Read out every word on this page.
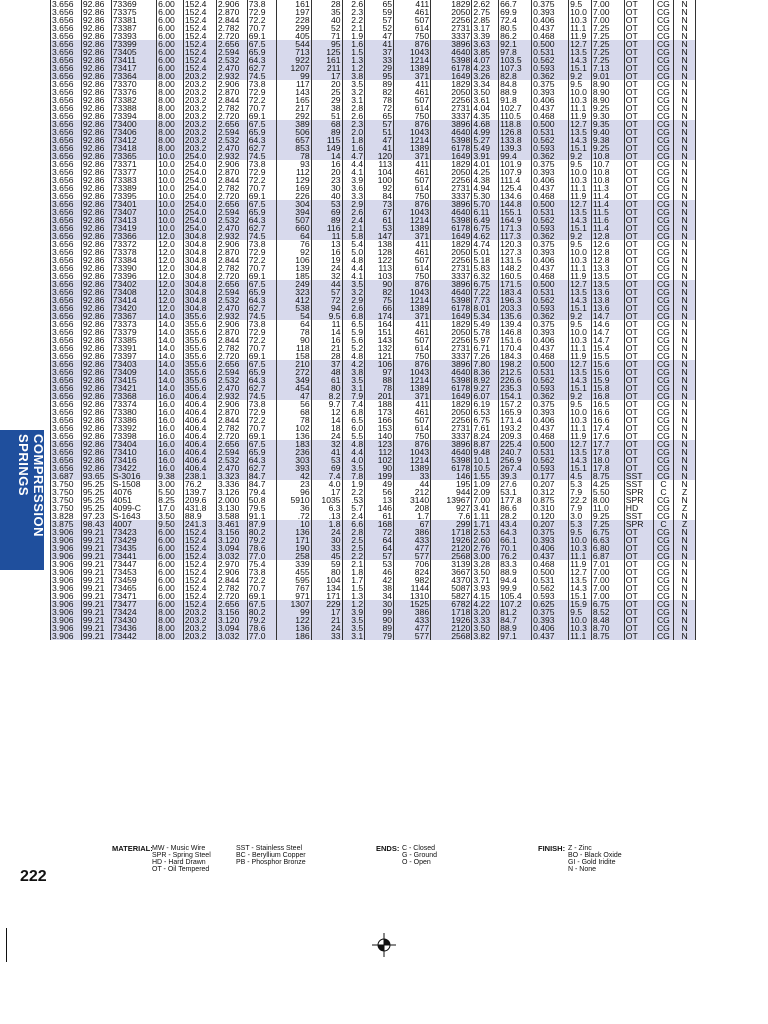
3.656	92.86	73369	6.00	152.4	2.906	73.8	161	28	2.6	65	411	1829	2.62	66.7	0.375	9.5	7.00	OT	CG	N
3.656	92.86	73375	6.00	152.4	2.870	72.9	197	35	2.3	59	461	2050	2.75	69.9	0.393	10.0	7.00	OT	CG	N
3.656	92.86	73381	6.00	152.4	2.844	72.2	228	40	2.2	57	507	2256	2.85	72.4	0.406	10.3	7.00	OT	CG	N
3.656	92.86	73387	6.00	152.4	2.782	70.7	299	52	2.1	52	614	2731	3.17	80.5	0.437	11.1	7.25	OT	CG	N
3.656	92.86	73393	6.00	152.4	2.720	69.1	405	71	1.9	47	750	3337	3.39	86.2	0.468	11.9	7.25	OT	CG	N
3.656	92.86	73399	6.00	152.4	2.656	67.5	544	95	1.6	41	876	3896	3.63	92.1	0.500	12.7	7.25	OT	CG	N
3.656	92.86	73405	6.00	152.4	2.594	65.9	713	125	1.5	37	1043	4640	3.85	97.8	0.531	13.5	7.25	OT	CG	N
3.656	92.86	73411	6.00	152.4	2.532	64.3	922	161	1.3	33	1214	5398	4.07	103.5	0.562	14.3	7.25	OT	CG	N
3.656	92.86	73417	6.00	152.4	2.470	62.7	1207	211	1.2	29	1389	6178	4.23	107.3	0.593	15.1	7.13	OT	CG	N
3.656	92.86	73364	8.00	203.2	2.932	74.5	99	17	3.8	95	371	1649	3.26	82.8	0.362	9.2	9.01	OT	CG	N
3.656	92.86	73370	8.00	203.2	2.906	73.8	117	20	3.5	89	411	1829	3.34	84.8	0.375	9.5	8.90	OT	CG	N
3.656	92.86	73376	8.00	203.2	2.870	72.9	143	25	3.2	82	461	2050	3.50	88.9	0.393	10.0	8.90	OT	CG	N
3.656	92.86	73382	8.00	203.2	2.844	72.2	165	29	3.1	78	507	2256	3.61	91.8	0.406	10.3	8.90	OT	CG	N
3.656	92.86	73388	8.00	203.2	2.782	70.7	217	38	2.8	72	614	2731	4.04	102.7	0.437	11.1	9.25	OT	CG	N
3.656	92.86	73394	8.00	203.2	2.720	69.1	292	51	2.6	65	750	3337	4.35	110.5	0.468	11.9	9.30	OT	CG	N
3.656	92.86	73400	8.00	203.2	2.656	67.5	389	68	2.3	57	876	3896	4.68	118.8	0.500	12.7	9.35	OT	CG	N
3.656	92.86	73406	8.00	203.2	2.594	65.9	506	89	2.0	51	1043	4640	4.99	126.8	0.531	13.5	9.40	OT	CG	N
3.656	92.86	73412	8.00	203.2	2.532	64.3	657	115	1.8	47	1214	5398	5.27	133.8	0.562	14.3	9.38	OT	CG	N
3.656	92.86	73418	8.00	203.2	2.470	62.7	853	149	1.6	41	1389	6178	5.49	139.3	0.593	15.1	9.25	OT	CG	N
3.656	92.86	73365	10.0	254.0	2.932	74.5	78	14	4.7	120	371	1649	3.91	99.4	0.362	9.2	10.8	OT	CG	N
3.656	92.86	73371	10.0	254.0	2.906	73.8	93	16	4.4	113	411	1829	4.01	101.9	0.375	9.5	10.7	OT	CG	N
3.656	92.86	73377	10.0	254.0	2.870	72.9	112	20	4.1	104	461	2050	4.25	107.9	0.393	10.0	10.8	OT	CG	N
3.656	92.86	73383	10.0	254.0	2.844	72.2	129	23	3.9	100	507	2256	4.38	111.4	0.406	10.3	10.8	OT	CG	N
3.656	92.86	73389	10.0	254.0	2.782	70.7	169	30	3.6	92	614	2731	4.94	125.4	0.437	11.1	11.3	OT	CG	N
3.656	92.86	73395	10.0	254.0	2.720	69.1	226	40	3.3	84	750	3337	5.30	134.6	0.468	11.9	11.4	OT	CG	N
3.656	92.86	73401	10.0	254.0	2.656	67.5	304	53	2.9	73	876	3896	5.70	144.8	0.500	12.7	11.4	OT	CG	N
3.656	92.86	73407	10.0	254.0	2.594	65.9	394	69	2.6	67	1043	4640	6.11	155.1	0.531	13.5	11.5	OT	CG	N
3.656	92.86	73413	10.0	254.0	2.532	64.3	507	89	2.4	61	1214	5398	6.49	164.9	0.562	14.3	11.6	OT	CG	N
3.656	92.86	73419	10.0	254.0	2.470	62.7	660	116	2.1	53	1389	6178	6.75	171.3	0.593	15.1	11.4	OT	CG	N
3.656	92.86	73366	12.0	304.8	2.932	74.5	64	11	5.8	147	371	1649	4.62	117.3	0.362	9.2	12.8	OT	CG	N
3.656	92.86	73372	12.0	304.8	2.906	73.8	76	13	5.4	138	411	1829	4.74	120.3	0.375	9.5	12.6	OT	CG	N
3.656	92.86	73378	12.0	304.8	2.870	72.9	92	16	5.0	128	461	2050	5.01	127.3	0.393	10.0	12.8	OT	CG	N
3.656	92.86	73384	12.0	304.8	2.844	72.2	106	19	4.8	122	507	2256	5.18	131.5	0.406	10.3	12.8	OT	CG	N
3.656	92.86	73390	12.0	304.8	2.782	70.7	139	24	4.4	113	614	2731	5.83	148.2	0.437	11.1	13.3	OT	CG	N
3.656	92.86	73396	12.0	304.8	2.720	69.1	185	32	4.1	103	750	3337	6.32	160.5	0.468	11.9	13.5	OT	CG	N
3.656	92.86	73402	12.0	304.8	2.656	67.5	249	44	3.5	90	876	3896	6.75	171.5	0.500	12.7	13.5	OT	CG	N
3.656	92.86	73408	12.0	304.8	2.594	65.9	323	57	3.2	82	1043	4640	7.22	183.4	0.531	13.5	13.6	OT	CG	N
3.656	92.86	73414	12.0	304.8	2.532	64.3	412	72	2.9	75	1214	5398	7.73	196.3	0.562	14.3	13.8	OT	CG	N
3.656	92.86	73420	12.0	304.8	2.470	62.7	538	94	2.6	66	1389	6178	8.01	203.3	0.593	15.1	13.6	OT	CG	N
3.656	92.86	73367	14.0	355.6	2.932	74.5	54	9.5	6.8	174	371	1649	5.34	135.6	0.362	9.2	14.7	OT	CG	N
3.656	92.86	73373	14.0	355.6	2.906	73.8	64	11	6.5	164	411	1829	5.49	139.4	0.375	9.5	14.6	OT	CG	N
3.656	92.86	73379	14.0	355.6	2.870	72.9	78	14	5.9	151	461	2050	5.78	146.8	0.393	10.0	14.7	OT	CG	N
3.656	92.86	73385	14.0	355.6	2.844	72.2	90	16	5.6	143	507	2256	5.97	151.6	0.406	10.3	14.7	OT	CG	N
3.656	92.86	73391	14.0	355.6	2.782	70.7	118	21	5.2	132	614	2731	6.71	170.4	0.437	11.1	15.4	OT	CG	N
3.656	92.86	73397	14.0	355.6	2.720	69.1	158	28	4.8	121	750	3337	7.26	184.3	0.468	11.9	15.5	OT	CG	N
3.656	92.86	73403	14.0	355.6	2.656	67.5	210	37	4.2	106	876	3896	7.80	198.2	0.500	12.7	15.6	OT	CG	N
3.656	92.86	73409	14.0	355.6	2.594	65.9	272	48	3.8	97	1043	4640	8.36	212.5	0.531	13.5	15.6	OT	CG	N
3.656	92.86	73415	14.0	355.6	2.532	64.3	349	61	3.5	88	1214	5398	8.92	226.6	0.562	14.3	15.9	OT	CG	N
3.656	92.86	73421	14.0	355.6	2.470	62.7	454	80	3.1	78	1389	6178	9.27	235.3	0.593	15.1	15.8	OT	CG	N
3.656	92.86	73368	16.0	406.4	2.932	74.5	47	8.2	7.9	201	371	1649	6.07	154.1	0.362	9.2	16.8	OT	CG	N
3.656	92.86	73374	16.0	406.4	2.906	73.8	56	9.7	7.4	188	411	1829	6.19	157.2	0.375	9.5	16.5	OT	CG	N
3.656	92.86	73380	16.0	406.4	2.870	72.9	68	12	6.8	173	461	2050	6.53	165.9	0.393	10.0	16.6	OT	CG	N
3.656	92.86	73386	16.0	406.4	2.844	72.2	78	14	6.5	166	507	2256	6.75	171.4	0.406	10.3	16.6	OT	CG	N
3.656	92.86	73392	16.0	406.4	2.782	70.7	102	18	6.0	153	614	2731	7.61	193.2	0.437	11.1	17.4	OT	CG	N
3.656	92.86	73398	16.0	406.4	2.720	69.1	136	24	5.5	140	750	3337	8.24	209.3	0.468	11.9	17.6	OT	CG	N
3.656	92.86	73404	16.0	406.4	2.656	67.5	183	32	4.8	123	876	3896	8.87	225.4	0.500	12.7	17.7	OT	CG	N
3.656	92.86	73410	16.0	406.4	2.594	65.9	236	41	4.4	112	1043	4640	9.48	240.7	0.531	13.5	17.8	OT	CG	N
3.656	92.86	73416	16.0	406.4	2.532	64.3	303	53	4.0	102	1214	5398	10.1	256.9	0.562	14.3	18.0	OT	CG	N
3.656	92.86	73422	16.0	406.4	2.470	62.7	393	69	3.5	90	1389	6178	10.5	267.4	0.593	15.1	17.8	OT	CG	N
3.687	93.65	S-3016	9.38	238.1	3.323	84.7	42	7.4	7.8	199	33	146	1.55	39.3	0.177	4.5	8.75	SST	CG	N
3.750	95.25	S-1508	3.00	76.2	3.336	84.7	23	4.0	1.9	49	44	195	1.09	27.6	0.207	5.3	4.25	SST	C	N
3.750	95.25	4076	5.50	139.7	3.126	79.4	96	17	2.2	56	212	944	2.09	53.1	0.312	7.9	5.50	SPR	C	Z
3.750	95.25	4051	8.25	209.6	2.000	50.8	5910	1035	.53	13	3140	13967	7.00	177.8	0.875	22.2	8.00	SPR	CG	N
3.750	95.25	4099-C	17.0	431.8	3.130	79.5	36	6.3	5.7	146	208	927	3.41	86.6	0.310	7.9	11.0	HD	CG	Z
3.828	97.23	S-1643	3.50	88.9	3.588	91.1	.72	.13	2.4	61	1.7	7.6	1.11	28.2	0.120	3.0	9.25	SST	CG	N
3.875	98.43	4007	9.50	241.3	3.461	87.9	10	1.8	6.6	168	67	299	1.71	43.4	0.207	5.3	7.25	SPR	C	Z
3.906	99.21	73423	6.00	152.4	3.156	80.2	136	24	2.8	72	386	1718	2.53	64.3	0.375	9.5	6.75	OT	CG	N
3.906	99.21	73429	6.00	152.4	3.120	79.2	171	30	2.5	64	433	1926	2.60	66.1	0.393	10.0	6.63	OT	CG	N
3.906	99.21	73435	6.00	152.4	3.094	78.6	190	33	2.5	64	477	2120	2.76	70.1	0.406	10.3	6.80	OT	CG	N
3.906	99.21	73441	6.00	152.4	3.032	77.0	258	45	2.2	57	577	2568	3.00	76.2	0.437	11.1	6.87	OT	CG	N
3.906	99.21	73447	6.00	152.4	2.970	75.4	339	59	2.1	53	706	3139	3.28	83.3	0.468	11.9	7.01	OT	CG	N
3.906	99.21	73453	6.00	152.4	2.906	73.8	455	80	1.8	46	824	3667	3.50	88.9	0.500	12.7	7.00	OT	CG	N
3.906	99.21	73459	6.00	152.4	2.844	72.2	595	104	1.7	42	982	4370	3.71	94.4	0.531	13.5	7.00	OT	CG	N
3.906	99.21	73465	6.00	152.4	2.782	70.7	767	134	1.5	38	1144	5087	3.93	99.9	0.562	14.3	7.00	OT	CG	N
3.906	99.21	73471	6.00	152.4	2.720	69.1	971	171	1.3	34	1310	5827	4.15	105.4	0.593	15.1	7.00	OT	CG	N
3.906	99.21	73477	6.00	152.4	2.656	67.5	1307	229	1.2	30	1525	6782	4.22	107.2	0.625	15.9	6.75	OT	CG	N
3.906	99.21	73424	8.00	203.2	3.156	80.2	99	17	3.9	99	386	1718	3.20	81.2	0.375	9.5	8.52	OT	CG	N
3.906	99.21	73430	8.00	203.2	3.120	79.2	122	21	3.5	90	433	1926	3.33	84.7	0.393	10.0	8.48	OT	CG	N
3.906	99.21	73436	8.00	203.2	3.094	78.6	136	24	3.5	89	477	2120	3.50	88.9	0.406	10.3	8.70	OT	CG	N
3.906	99.21	73442	8.00	203.2	3.032	77.0	186	33	3.1	79	577	2568	3.82	97.1	0.437	11.1	8.75	OT	CG	N
COMPRESSION SPRINGS
222
MATERIAL: MW - Music Wire
SPR - Spring Steel
HD - Hard Drawn
OT - Oil Tempered
SST - Stainless Steel
BC - Beryllium Copper
PB - Phosphor Bronze
ENDS: C - Closed
G - Ground
O - Open
FINISH: Z - Zinc
BO - Black Oxide
GI - Gold Iridite
N - None
